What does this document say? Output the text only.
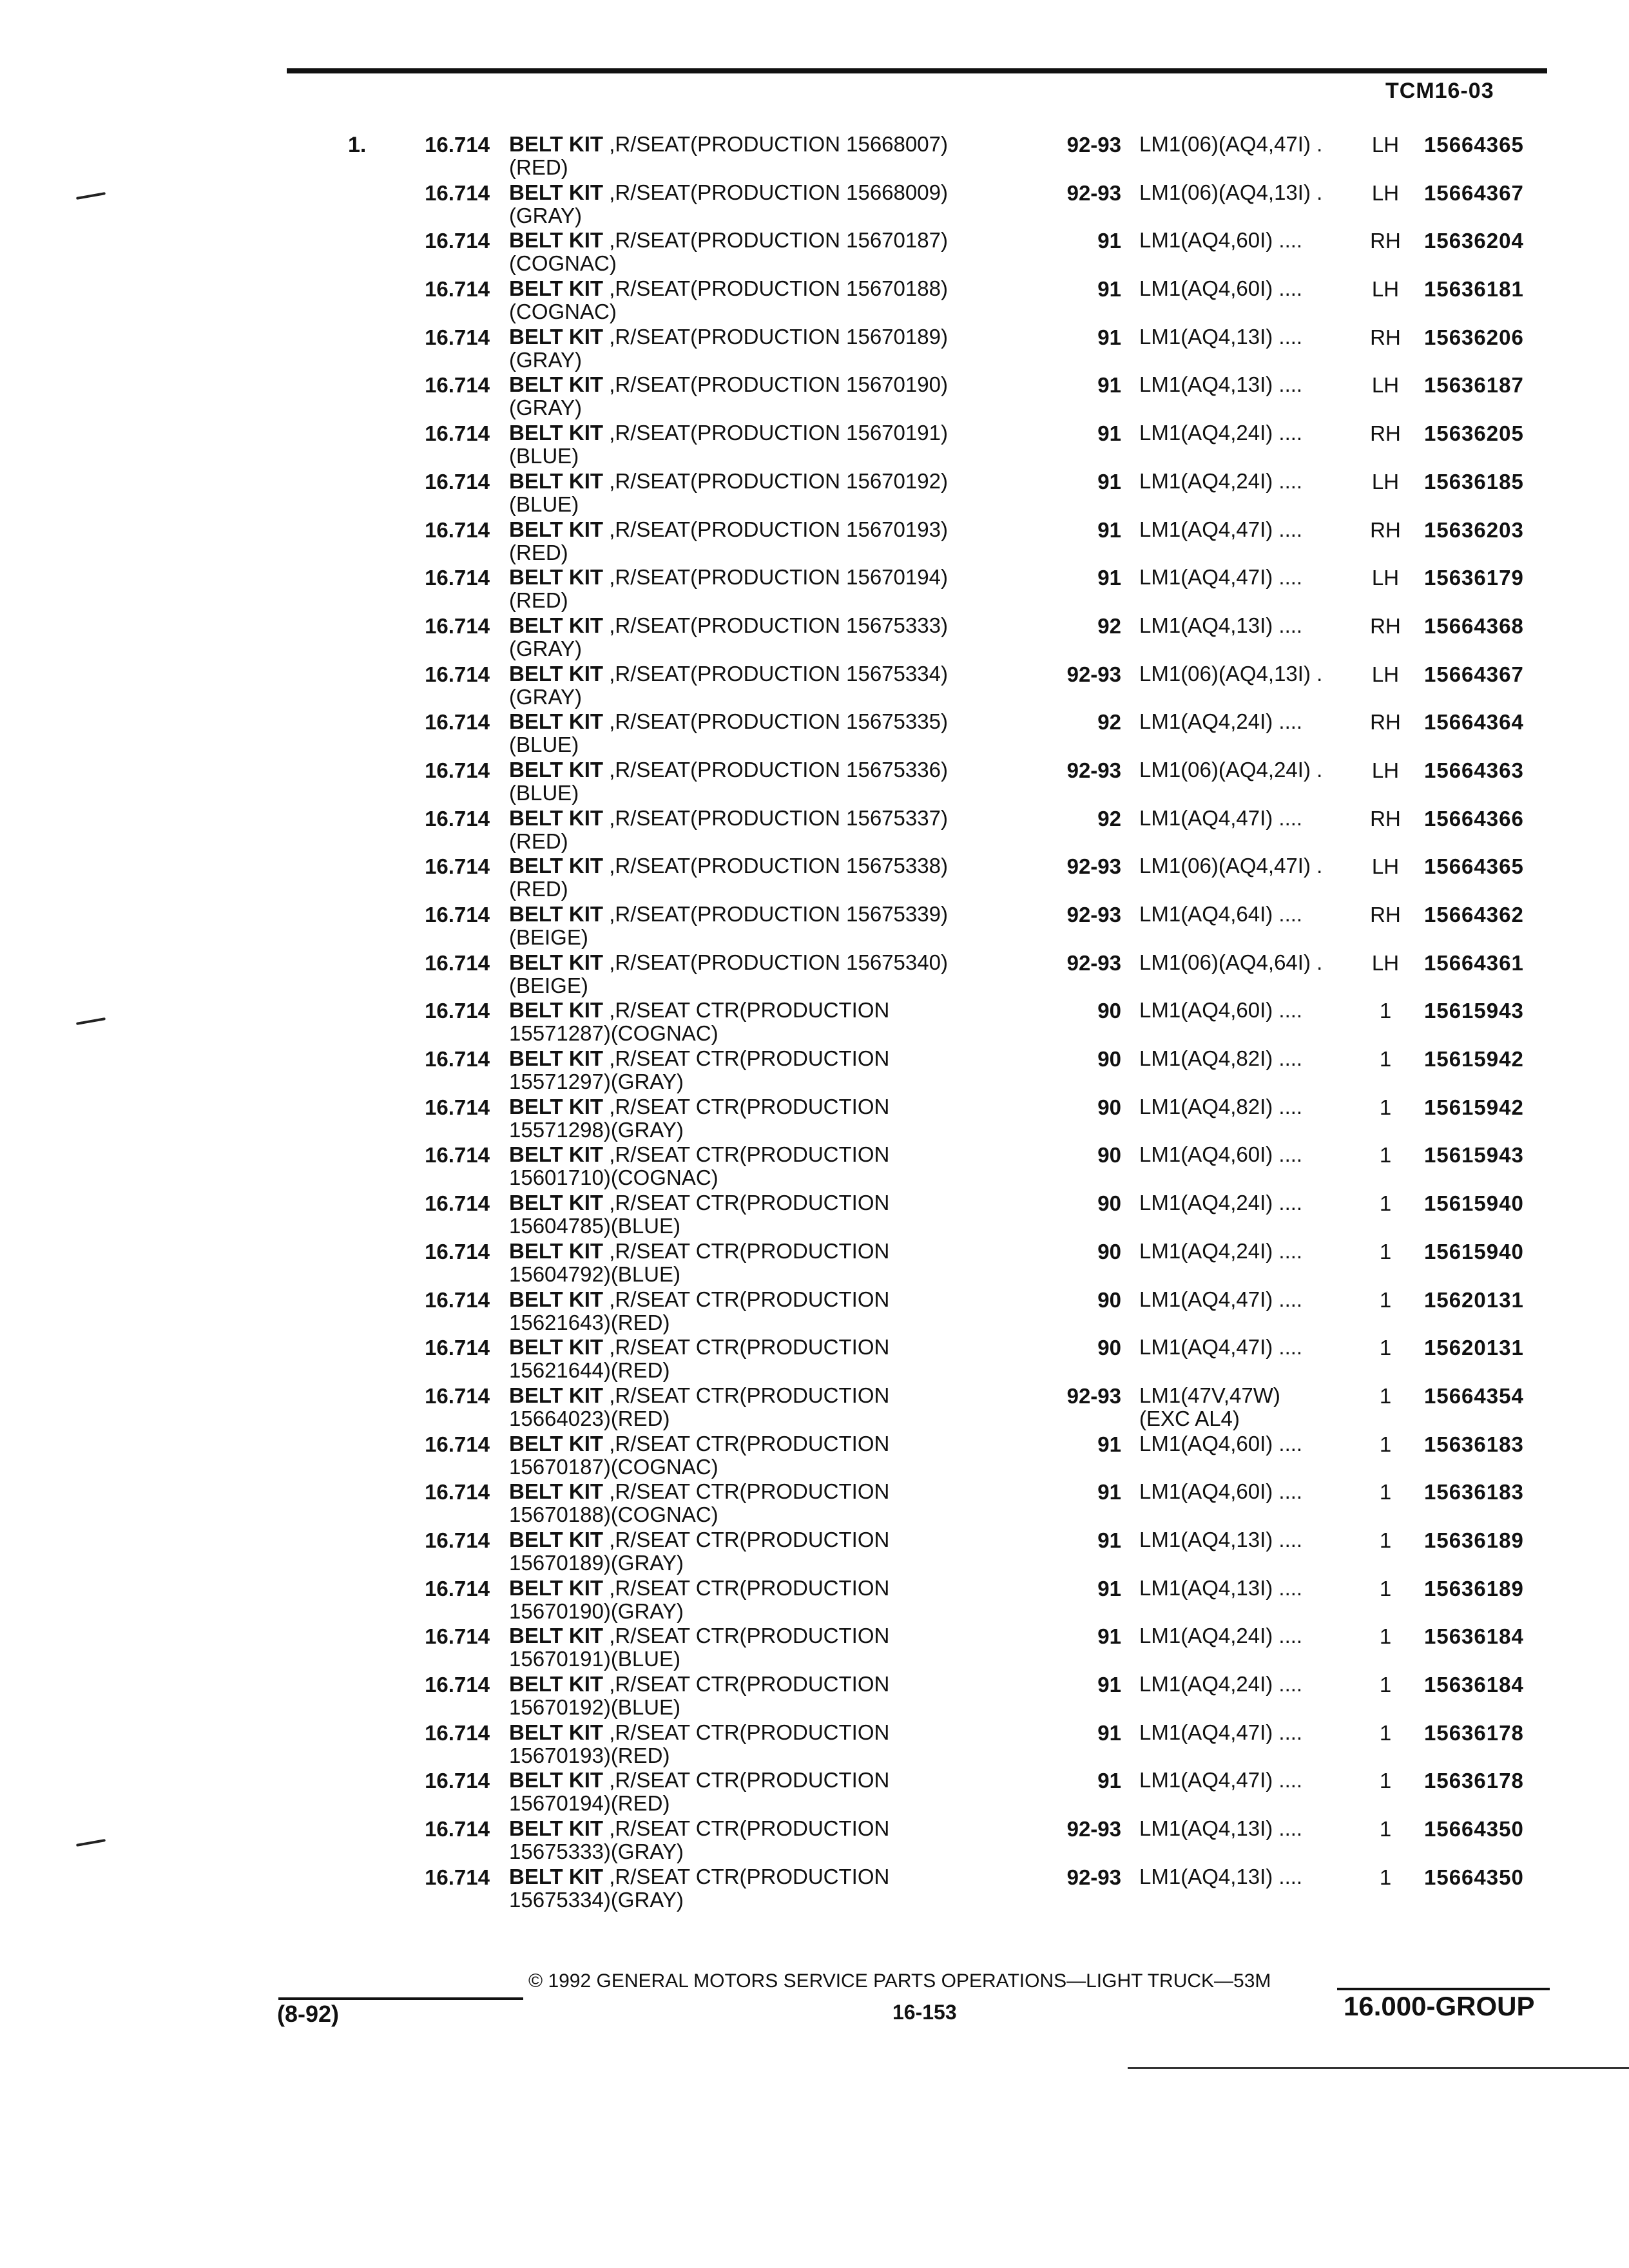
TCM16-03
1.	16.714 BELT KIT ,R/SEAT(PRODUCTION 15668007)
(RED)
92-93 LM1(06)(AQ4,47I) .	LH	15664365
16.714 BELT KIT ,R/SEAT(PRODUCTION 15668009)
(GRAY)
92-93 LM1(06)(AQ4,13I) .	LH	15664367
16.714 BELT KIT ,R/SEAT(PRODUCTION 15670187)
(COGNAC)
91 LM1(AQ4,60I) ....	RH	15636204
16.714 BELT KIT ,R/SEAT(PRODUCTION 15670188)
(COGNAC)
91 LM1(AQ4,60I) ....	LH	15636181
16.714 BELT KIT ,R/SEAT(PRODUCTION 15670189)
(GRAY)
91 LM1(AQ4,13I) ....	RH	15636206
16.714 BELT KIT ,R/SEAT(PRODUCTION 15670190)
(GRAY)
91 LM1(AQ4,13I) ....	LH	15636187
16.714 BELT KIT ,R/SEAT(PRODUCTION 15670191)
(BLUE)
91 LM1(AQ4,24I) ....	RH	15636205
16.714 BELT KIT ,R/SEAT(PRODUCTION 15670192)
(BLUE)
91 LM1(AQ4,24I) ....	LH	15636185
16.714 BELT KIT ,R/SEAT(PRODUCTION 15670193)
(RED)
91 LM1(AQ4,47I) ....	RH	15636203
16.714 BELT KIT ,R/SEAT(PRODUCTION 15670194)
(RED)
91 LM1(AQ4,47I) ....	LH	15636179
16.714 BELT KIT ,R/SEAT(PRODUCTION 15675333)
(GRAY)
92 LM1(AQ4,13I) ....	RH	15664368
16.714 BELT KIT ,R/SEAT(PRODUCTION 15675334)
(GRAY)
92-93 LM1(06)(AQ4,13I) .	LH	15664367
16.714 BELT KIT ,R/SEAT(PRODUCTION 15675335)
(BLUE)
92 LM1(AQ4,24I) ....	RH	15664364
16.714 BELT KIT ,R/SEAT(PRODUCTION 15675336)
(BLUE)
92-93 LM1(06)(AQ4,24I) .	LH	15664363
16.714 BELT KIT ,R/SEAT(PRODUCTION 15675337)
(RED)
92 LM1(AQ4,47I) ....	RH	15664366
16.714 BELT KIT ,R/SEAT(PRODUCTION 15675338)
(RED)
92-93 LM1(06)(AQ4,47I) .	LH	15664365
16.714 BELT KIT ,R/SEAT(PRODUCTION 15675339)
(BEIGE)
92-93 LM1(AQ4,64I) ....	RH	15664362
16.714 BELT KIT ,R/SEAT(PRODUCTION 15675340)
(BEIGE)
92-93 LM1(06)(AQ4,64I) .	LH	15664361
16.714 BELT KIT ,R/SEAT CTR(PRODUCTION
15571287)(COGNAC)
90 LM1(AQ4,60I) ....	1	15615943
16.714 BELT KIT ,R/SEAT CTR(PRODUCTION
15571297)(GRAY)
90 LM1(AQ4,82I) ....	1	15615942
16.714 BELT KIT ,R/SEAT CTR(PRODUCTION
15571298)(GRAY)
90 LM1(AQ4,82I) ....	1	15615942
16.714 BELT KIT ,R/SEAT CTR(PRODUCTION
15601710)(COGNAC)
90 LM1(AQ4,60I) ....	1	15615943
16.714 BELT KIT ,R/SEAT CTR(PRODUCTION
15604785)(BLUE)
90 LM1(AQ4,24I) ....	1	15615940
16.714 BELT KIT ,R/SEAT CTR(PRODUCTION
15604792)(BLUE)
90 LM1(AQ4,24I) ....	1	15615940
16.714 BELT KIT ,R/SEAT CTR(PRODUCTION
15621643)(RED)
90 LM1(AQ4,47I) ....	1	15620131
16.714 BELT KIT ,R/SEAT CTR(PRODUCTION
15621644)(RED)
90 LM1(AQ4,47I) ....	1	15620131
16.714 BELT KIT ,R/SEAT CTR(PRODUCTION
15664023)(RED)
92-93 LM1(47V,47W)
(EXC AL4)
1	15664354
16.714 BELT KIT ,R/SEAT CTR(PRODUCTION
15670187)(COGNAC)
91 LM1(AQ4,60I) ....	1	15636183
16.714 BELT KIT ,R/SEAT CTR(PRODUCTION
15670188)(COGNAC)
91 LM1(AQ4,60I) ....	1	15636183
16.714 BELT KIT ,R/SEAT CTR(PRODUCTION
15670189)(GRAY)
91 LM1(AQ4,13I) ....	1	15636189
16.714 BELT KIT ,R/SEAT CTR(PRODUCTION
15670190)(GRAY)
91 LM1(AQ4,13I) ....	1	15636189
16.714 BELT KIT ,R/SEAT CTR(PRODUCTION
15670191)(BLUE)
91 LM1(AQ4,24I) ....	1	15636184
16.714 BELT KIT ,R/SEAT CTR(PRODUCTION
15670192)(BLUE)
91 LM1(AQ4,24I) ....	1	15636184
16.714 BELT KIT ,R/SEAT CTR(PRODUCTION
15670193)(RED)
91 LM1(AQ4,47I) ....	1	15636178
16.714 BELT KIT ,R/SEAT CTR(PRODUCTION
15670194)(RED)
91 LM1(AQ4,47I) ....	1	15636178
16.714 BELT KIT ,R/SEAT CTR(PRODUCTION
15675333)(GRAY)
92-93 LM1(AQ4,13I) ....	1	15664350
16.714 BELT KIT ,R/SEAT CTR(PRODUCTION
15675334)(GRAY)
92-93 LM1(AQ4,13I) ....	1	15664350
© 1992 GENERAL MOTORS SERVICE PARTS OPERATIONS—LIGHT TRUCK—53M
(8-92)	16-153	16.000-GROUP
